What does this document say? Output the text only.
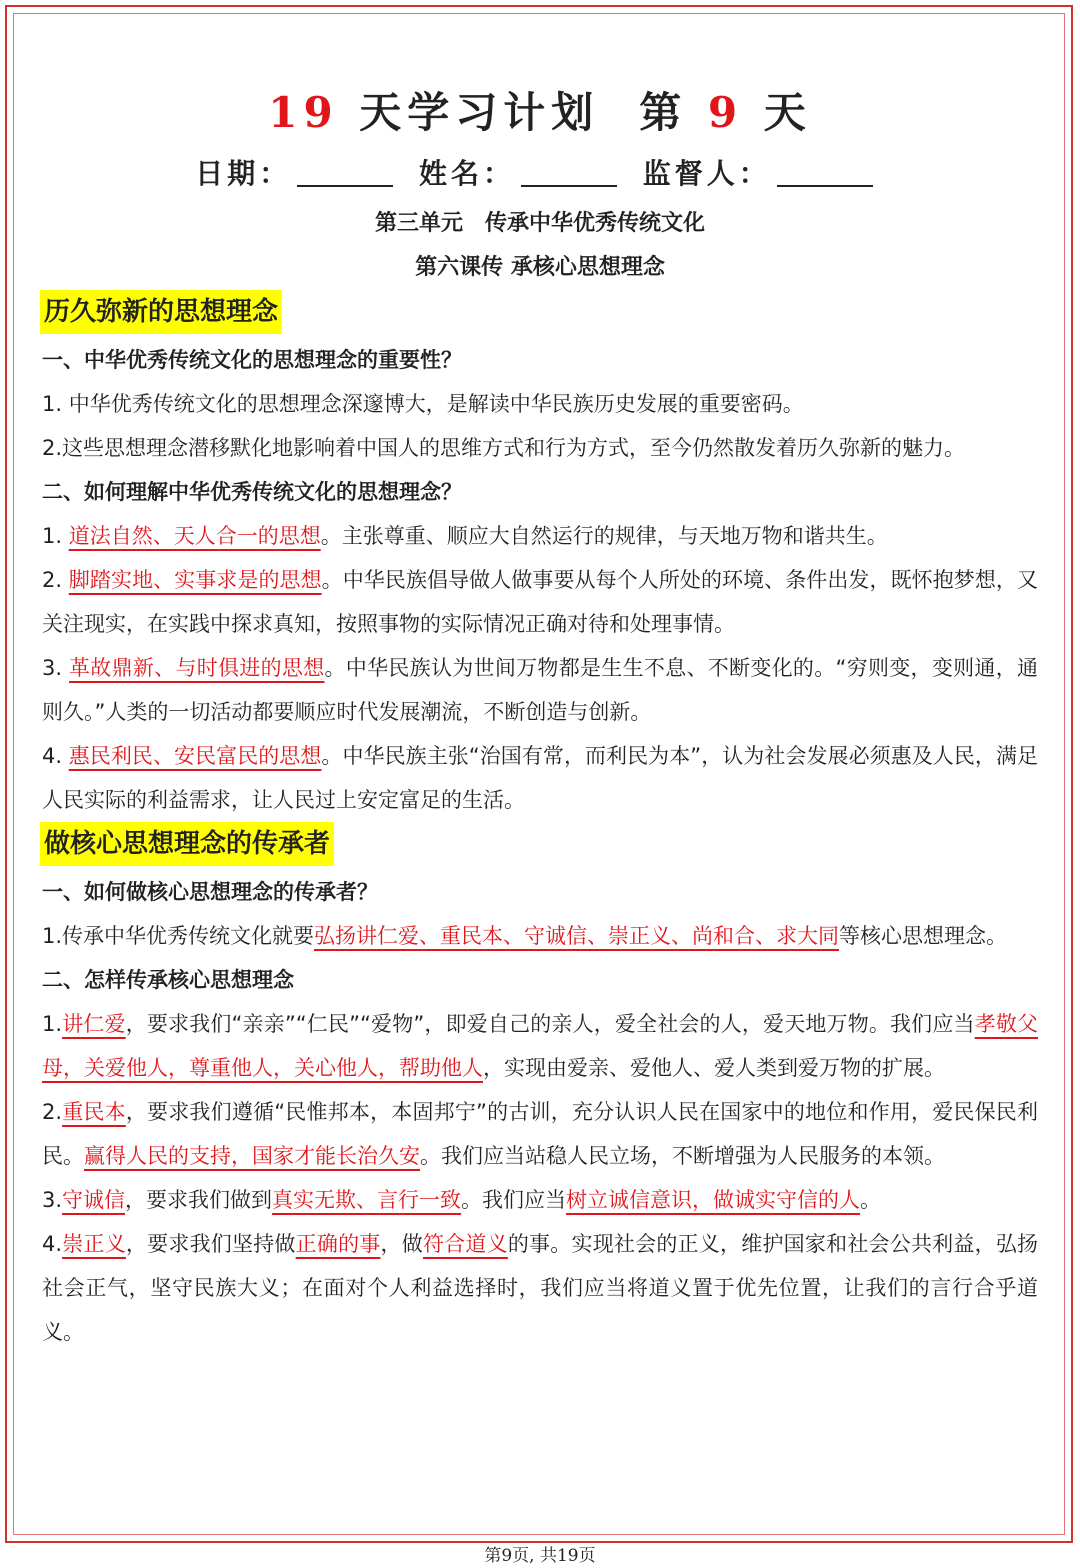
19 天学习计划 第 9 天
日期：	姓名：	监督人：
第三单元　传承中华优秀传统文化
第六课传 承核心思想理念
历久弥新的思想理念
一、中华优秀传统文化的思想理念的重要性？
1. 中华优秀传统文化的思想理念深邃博大，是解读中华民族历史发展的重要密码。
2.这些思想理念潜移默化地影响着中国人的思维方式和行为方式，至今仍然散发着历久弥新的魅力。
二、如何理解中华优秀传统文化的思想理念？
1. 道法自然、天人合一的思想。主张尊重、顺应大自然运行的规律，与天地万物和谐共生。
2. 脚踏实地、实事求是的思想。中华民族倡导做人做事要从每个人所处的环境、条件出发，既怀抱梦想，又关注现实，在实践中探求真知，按照事物的实际情况正确对待和处理事情。
3. 革故鼎新、与时俱进的思想。中华民族认为世间万物都是生生不息、不断变化的。“穷则变，变则通，通则久。”人类的一切活动都要顺应时代发展潮流，不断创造与创新。
4. 惠民利民、安民富民的思想。中华民族主张“治国有常，而利民为本”，认为社会发展必须惠及人民，满足人民实际的利益需求，让人民过上安定富足的生活。
做核心思想理念的传承者
一、如何做核心思想理念的传承者？
1.传承中华优秀传统文化就要弘扬讲仁爱、重民本、守诚信、崇正义、尚和合、求大同等核心思想理念。
二、怎样传承核心思想理念
1.讲仁爱，要求我们“亲亲”“仁民”“爱物”，即爱自己的亲人，爱全社会的人，爱天地万物。我们应当孝敬父母，关爱他人，尊重他人，关心他人，帮助他人，实现由爱亲、爱他人、爱人类到爱万物的扩展。
2.重民本，要求我们遵循“民惟邦本，本固邦宁”的古训，充分认识人民在国家中的地位和作用，爱民保民利民。赢得人民的支持，国家才能长治久安。我们应当站稳人民立场，不断增强为人民服务的本领。
3.守诚信，要求我们做到真实无欺、言行一致。我们应当树立诚信意识，做诚实守信的人。
4.崇正义，要求我们坚持做正确的事，做符合道义的事。实现社会的正义，维护国家和社会公共利益，弘扬社会正气，坚守民族大义；在面对个人利益选择时，我们应当将道义置于优先位置，让我们的言行合乎道义。
第9页, 共19页
